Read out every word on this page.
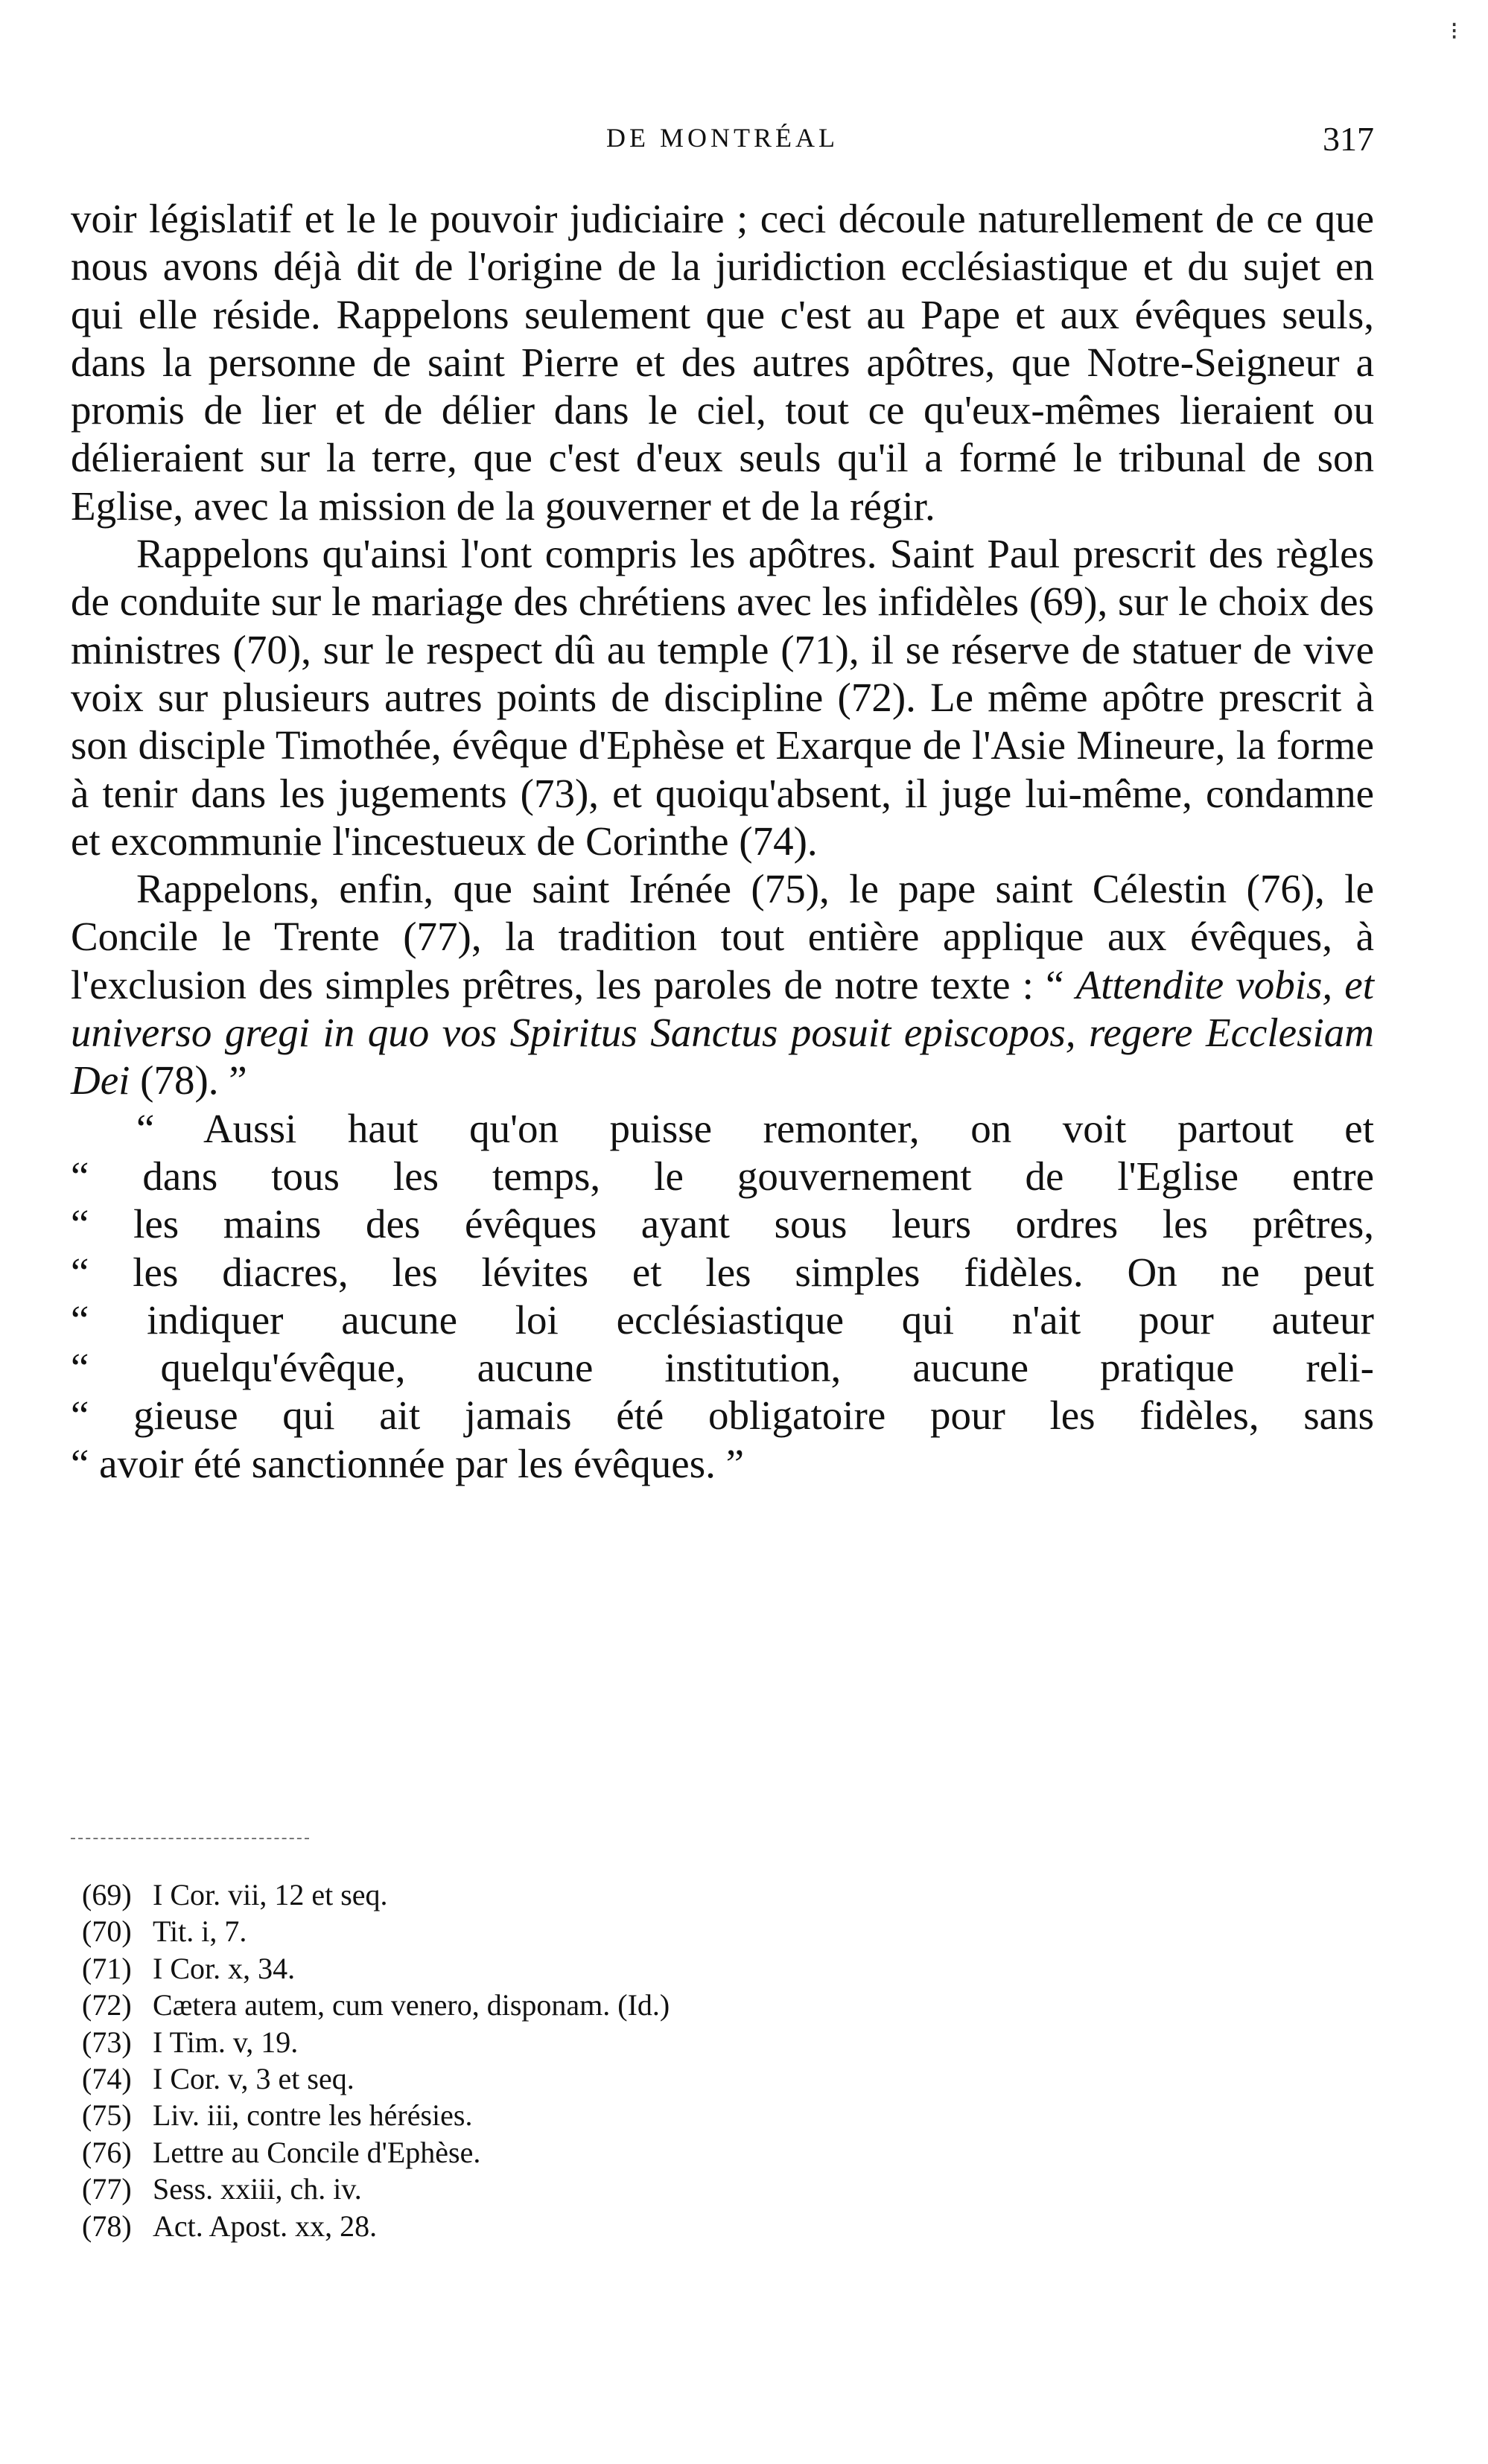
⁝
DE MONTRÉAL	317

voir législatif et le le pouvoir judiciaire ; ceci découle naturellement de ce que nous avons déjà dit de l'origine de la juridiction ecclésiastique et du sujet en qui elle réside. Rappelons seulement que c'est au Pape et aux évêques seuls, dans la personne de saint Pierre et des autres apôtres, que Notre-Seigneur a promis de lier et de délier dans le ciel, tout ce qu'eux-mêmes lieraient ou délieraient sur la terre, que c'est d'eux seuls qu'il a formé le tribunal de son Eglise, avec la mission de la gouverner et de la régir.

Rappelons qu'ainsi l'ont compris les apôtres. Saint Paul prescrit des règles de conduite sur le mariage des chrétiens avec les infidèles (69), sur le choix des ministres (70), sur le respect dû au temple (71), il se réserve de statuer de vive voix sur plusieurs autres points de discipline (72). Le même apôtre prescrit à son disciple Timothée, évêque d'Ephèse et Exarque de l'Asie Mineure, la forme à tenir dans les jugements (73), et quoiqu'absent, il juge lui-même, condamne et excommunie l'incestueux de Corinthe (74).

Rappelons, enfin, que saint Irénée (75), le pape saint Célestin (76), le Concile le Trente (77), la tradition tout entière applique aux évêques, à l'exclusion des simples prêtres, les paroles de notre texte : “ Attendite vobis, et universo gregi in quo vos Spiritus Sanctus posuit episcopos, regere Ecclesiam Dei (78). ”

“ Aussi haut qu'on puisse remonter, on voit partout et
“ dans tous les temps, le gouvernement de l'Eglise entre
“ les mains des évêques ayant sous leurs ordres les prêtres,
“ les diacres, les lévites et les simples fidèles. On ne peut
“ indiquer aucune loi ecclésiastique qui n'ait pour auteur
“ quelqu'évêque, aucune institution, aucune pratique reli-
“ gieuse qui ait jamais été obligatoire pour les fidèles, sans
“ avoir été sanctionnée par les évêques. ”
(69) I Cor. vii, 12 et seq.
(70) Tit. i, 7.
(71) I Cor. x, 34.
(72) Cætera autem, cum venero, disponam. (Id.)
(73) I Tim. v, 19.
(74) I Cor. v, 3 et seq.
(75) Liv. iii, contre les hérésies.
(76) Lettre au Concile d'Ephèse.
(77) Sess. xxiii, ch. iv.
(78) Act. Apost. xx, 28.
